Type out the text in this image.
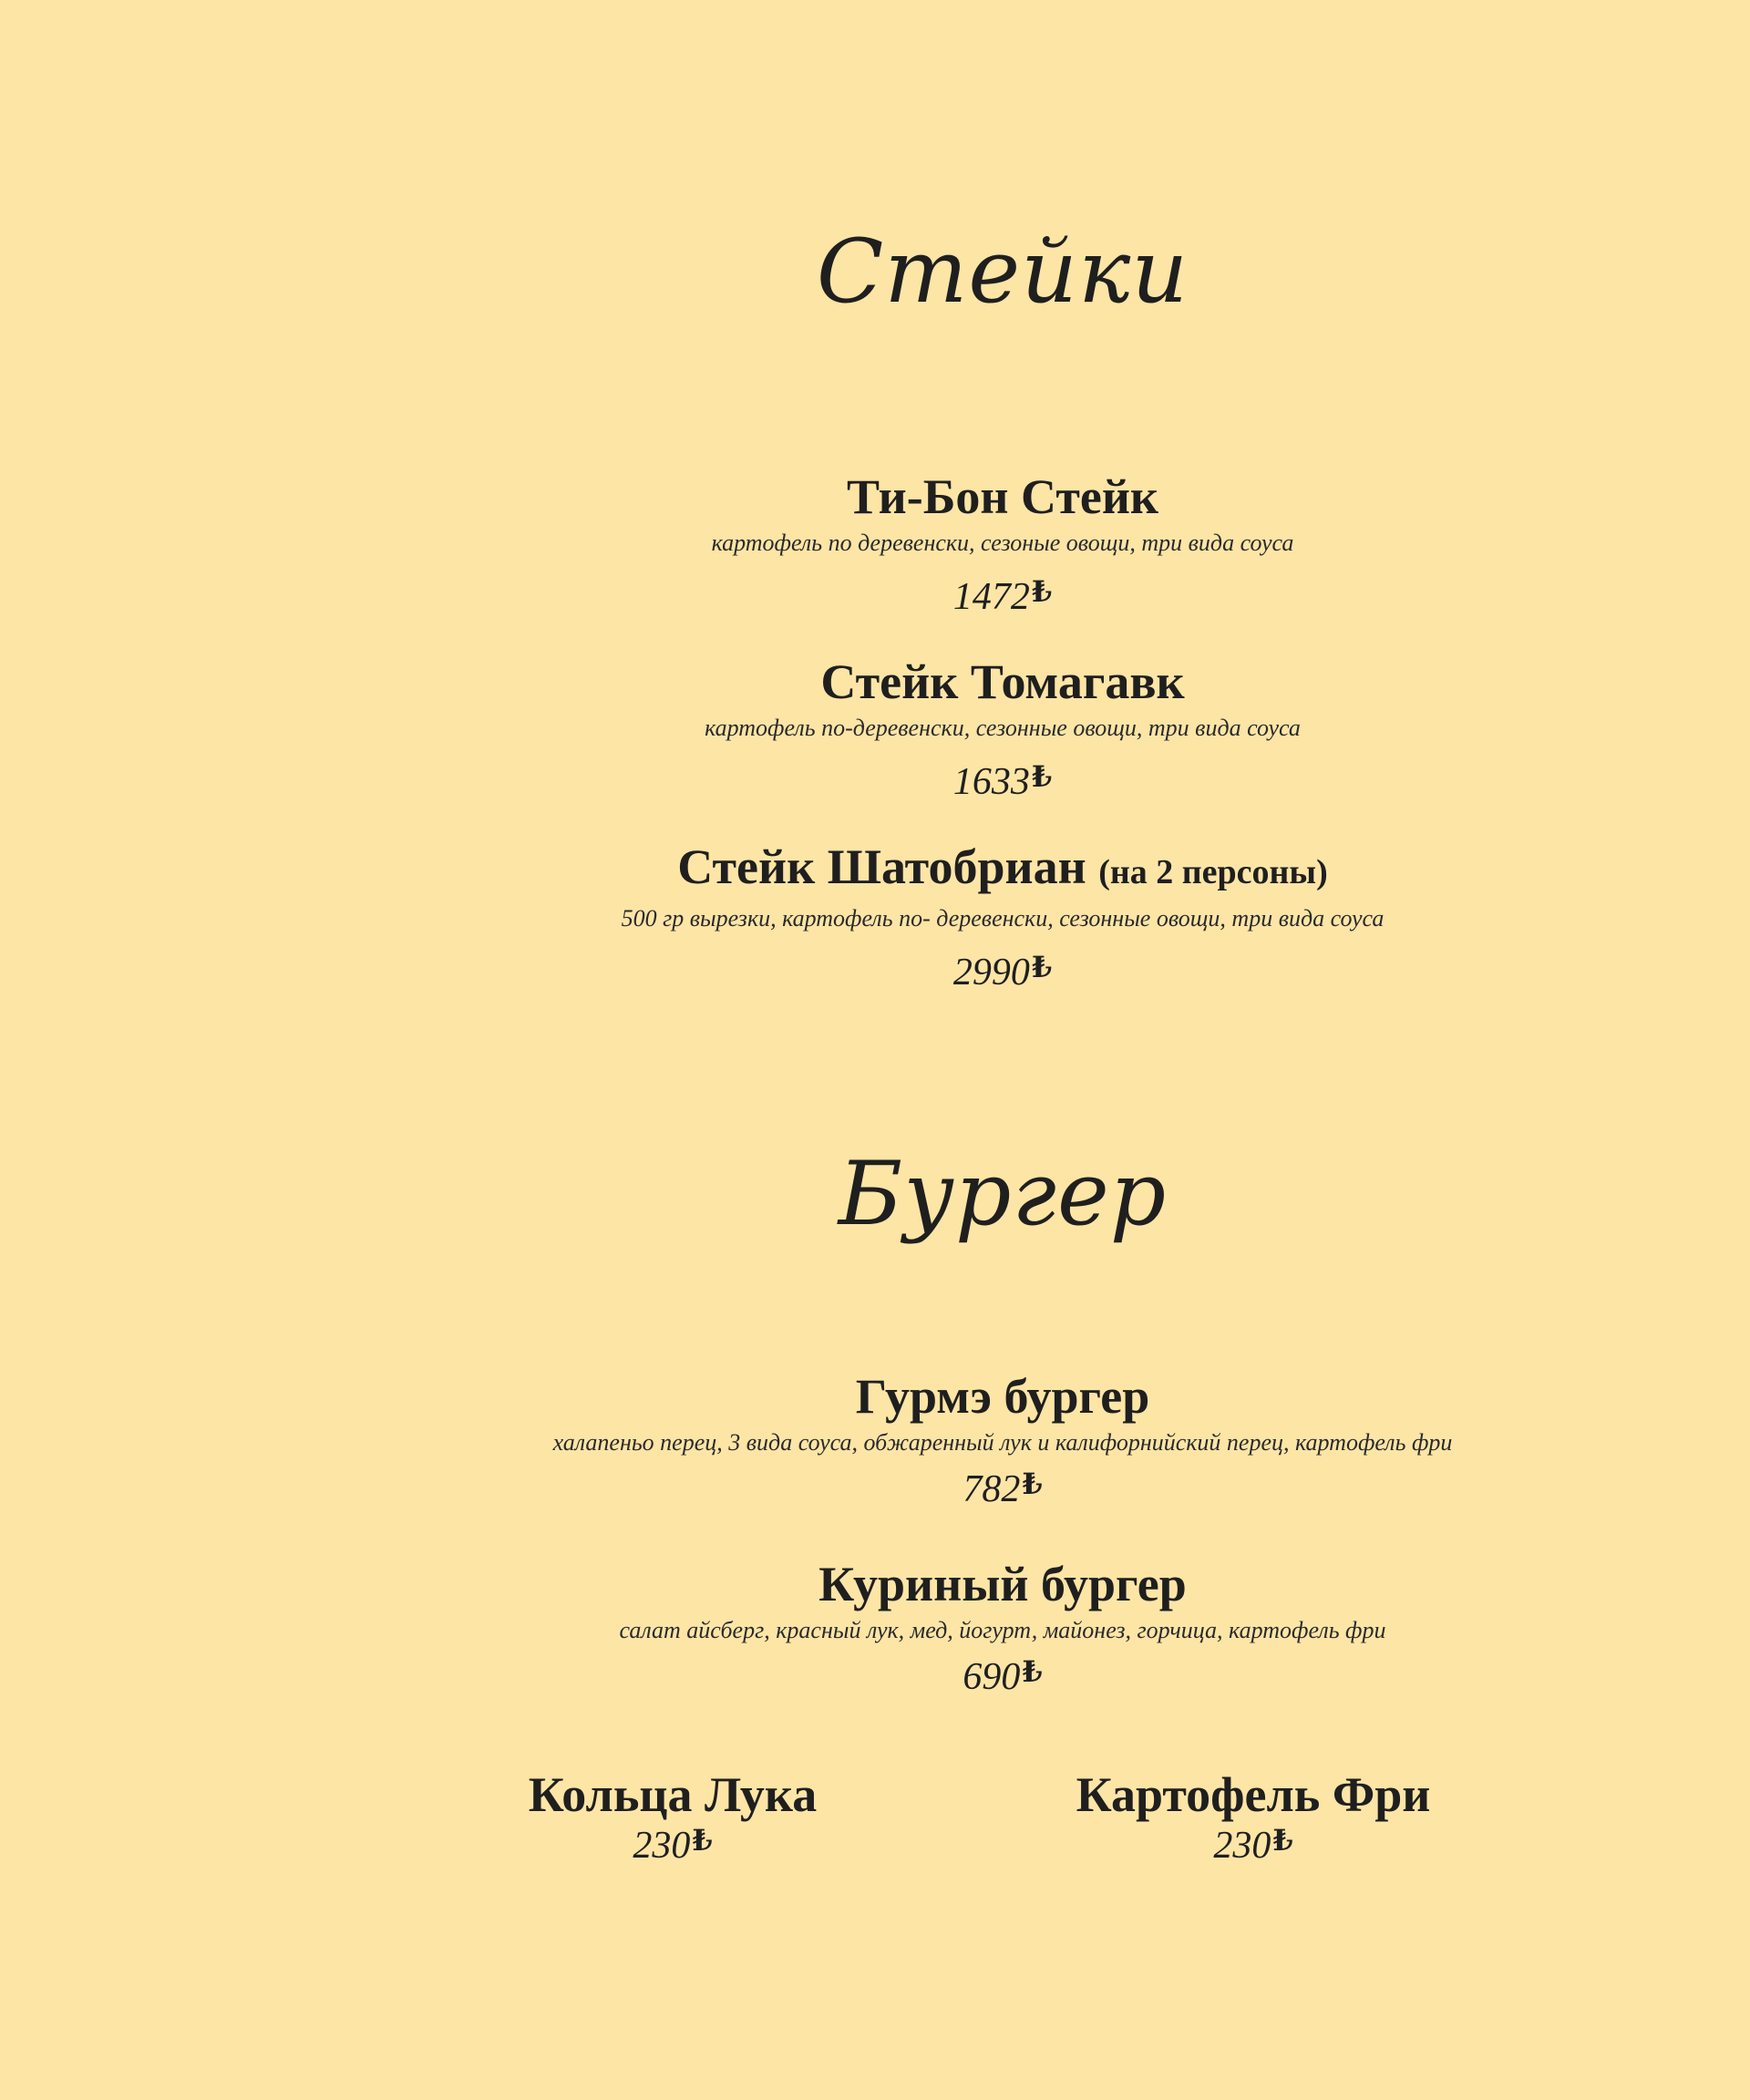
Стейки
Ти-Бон Стейк
картофель по деревенски, сезоные овощи, три вида соуса
1472₺
Стейк Томагавк
картофель по-деревенски, сезонные овощи, три вида соуса
1633₺
Стейк Шатобриан (на 2 персоны)
500 гр вырезки, картофель по- деревенски, сезонные овощи, три вида соуса
2990₺
Бургер
Гурмэ бургер
халапеньо перец, 3 вида соуса, обжаренный лук и калифорнийский перец, картофель фри
782₺
Куриный бургер
салат айсберг, красный лук, мед, йогурт, майонез, горчица, картофель фри
690₺
Кольца Лука
230₺
Картофель Фри
230₺
